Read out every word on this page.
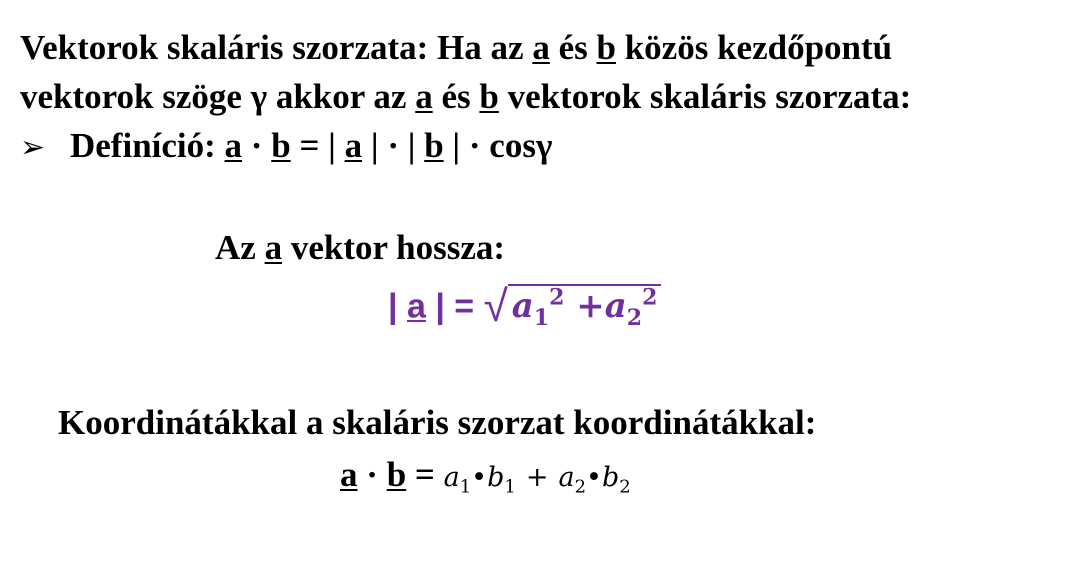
Vektorok skaláris szorzata: Ha az a és b közös kezdőpontú
vektorok szöge γ akkor az a és b vektorok skaláris szorzata:
➢ Definíció: a · b = | a | · | b | · cosγ
Az a vektor hossza:
| a | = √ $a_1^2 +a_2^2$
Koordinátákkal a skaláris szorzat koordinátákkal:
$a \cdot b = a_1•b_1$ + $a_2•b_2$
